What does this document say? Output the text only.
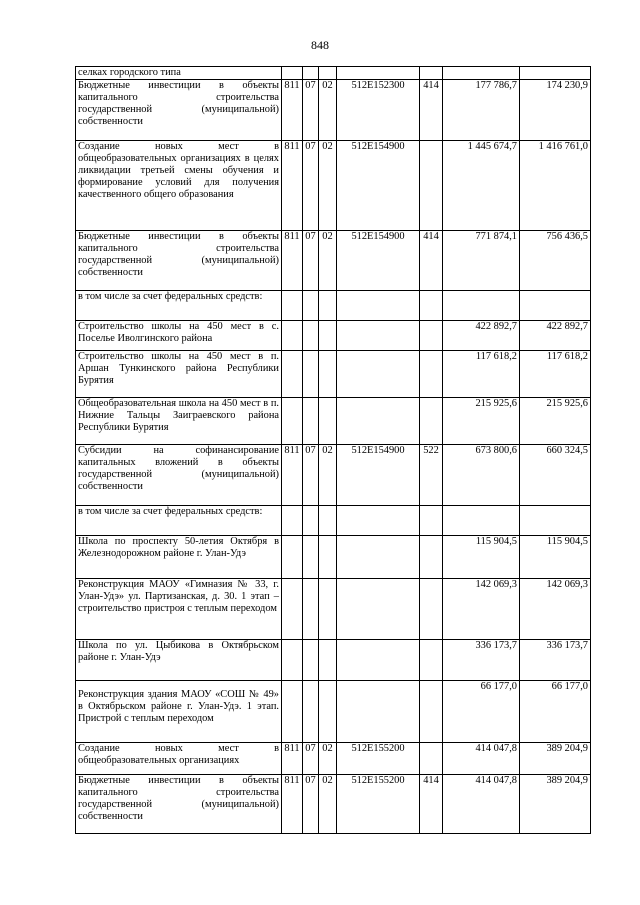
848
селках городского типа							
Бюджетные инвестиции в объекты капитального строительства государственной (муниципальной) собственности	811	07	02	512E152300	414	177 786,7	174 230,9
Создание новых мест в общеобразовательных организациях в целях ликвидации третьей смены обучения и формирование условий для получения качественного общего образования	811	07	02	512E154900		1 445 674,7	1 416 761,0
Бюджетные инвестиции в объекты капитального строительства государственной (муниципальной) собственности	811	07	02	512E154900	414	771 874,1	756 436,5
в том числе за счет федеральных средств:							
Строительство школы на 450 мест в с. Поселье Иволгинского района						422 892,7	422 892,7
Строительство школы на 450 мест в п. Аршан Тункинского района Республики Бурятия						117 618,2	117 618,2
Общеобразовательная школа на 450 мест в п. Нижние Тальцы Заиграевского района Республики Бурятия						215 925,6	215 925,6
Субсидии на софинансирование капитальных вложений в объекты государственной (муниципальной) собственности	811	07	02	512E154900	522	673 800,6	660 324,5
в том числе за счет федеральных средств:							
Школа по проспекту 50-летия Октября в Железнодорожном районе г. Улан-Удэ						115 904,5	115 904,5
Реконструкция МАОУ «Гимназия № 33, г. Улан-Удэ» ул. Партизанская, д. 30. 1 этап – строительство пристроя с теплым переходом						142 069,3	142 069,3
Школа по ул. Цыбикова в Октябрьском районе г. Улан-Удэ						336 173,7	336 173,7
Реконструкция здания МАОУ «СОШ № 49» в Октябрьском районе г. Улан-Удэ. 1 этап. Пристрой с теплым переходом						66 177,0	66 177,0
Создание новых мест в общеобразовательных организациях	811	07	02	512E155200		414 047,8	389 204,9
Бюджетные инвестиции в объекты капитального строительства государственной (муниципальной) собственности	811	07	02	512E155200	414	414 047,8	389 204,9
